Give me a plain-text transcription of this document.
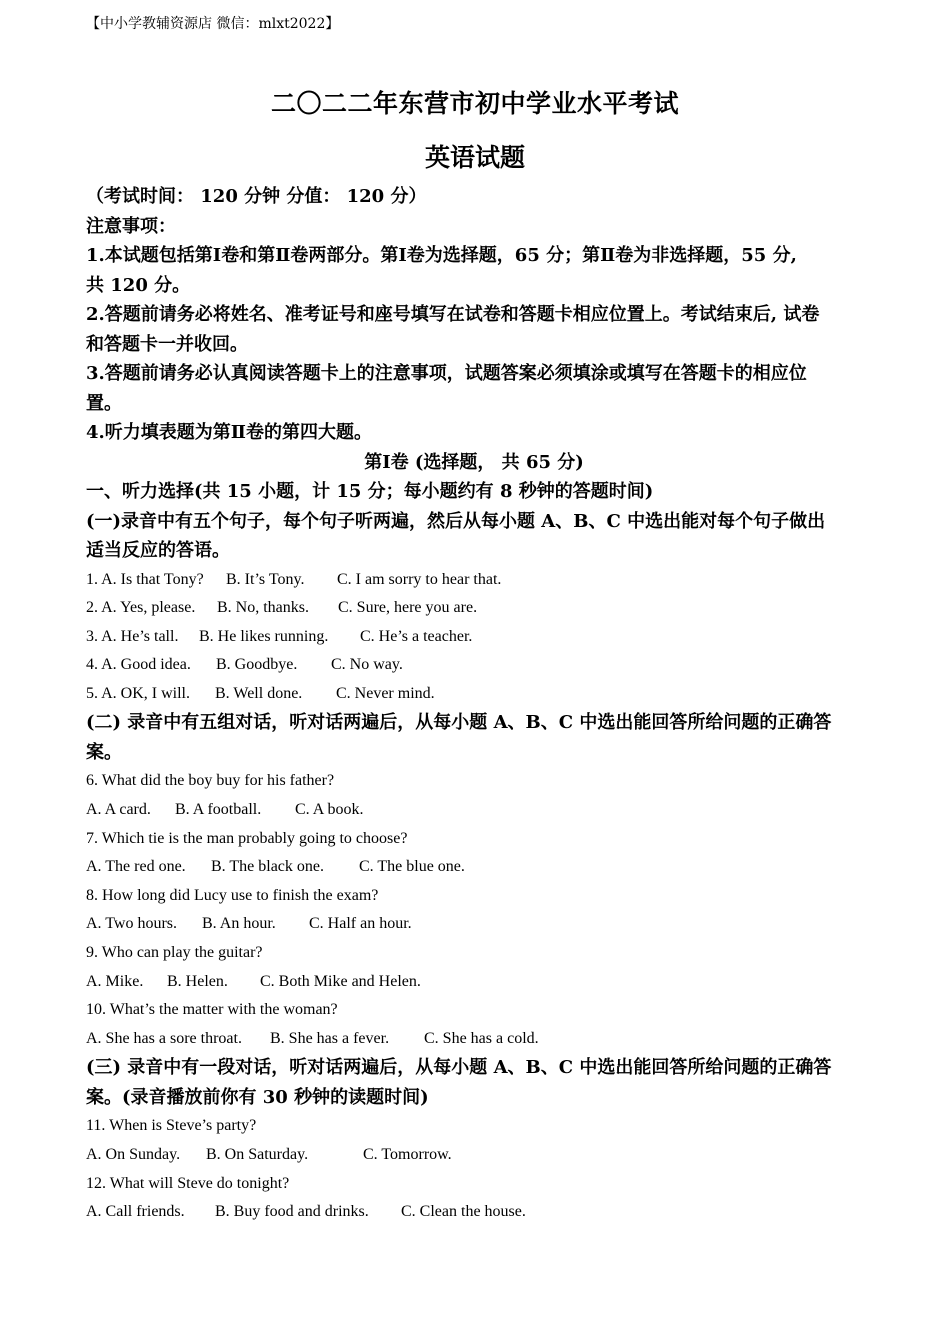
【中小学教辅资源店 微信：mlxt2022】
二〇二二年东营市初中学业水平考试
英语试题
（考试时间： 120 分钟 分值： 120 分）
注意事项：
1.本试题包括第Ⅰ卷和第Ⅱ卷两部分。第Ⅰ卷为选择题，65 分；第Ⅱ卷为非选择题，55 分,
共 120 分。
2.答题前请务必将姓名、准考证号和座号填写在试卷和答题卡相应位置上。考试结束后, 试卷
和答题卡一并收回。
3.答题前请务必认真阅读答题卡上的注意事项，试题答案必须填涂或填写在答题卡的相应位
置。
4.听力填表题为第Ⅱ卷的第四大题。
第Ⅰ卷 (选择题， 共 65 分)
一、听力选择(共 15 小题，计 15 分；每小题约有 8 秒钟的答题时间)
(一)录音中有五个句子，每个句子听两遍，然后从每小题 A、B、C 中选出能对每个句子做出
适当反应的答语。
1. A. Is that Tony? B. It’s Tony. C. I am sorry to hear that.
2. A. Yes, please. B. No, thanks. C. Sure, here you are.
3. A. He’s tall. B. He likes running. C. He’s a teacher.
4. A. Good idea. B. Goodbye. C. No way.
5. A. OK, I will. B. Well done. C. Never mind.
(二) 录音中有五组对话，听对话两遍后，从每小题 A、B、C 中选出能回答所给问题的正确答
案。
6. What did the boy buy for his father?
A. A card. B. A football. C. A book.
7. Which tie is the man probably going to choose?
A. The red one. B. The black one. C. The blue one.
8. How long did Lucy use to finish the exam?
A. Two hours. B. An hour. C. Half an hour.
9. Who can play the guitar?
A. Mike. B. Helen. C. Both Mike and Helen.
10. What’s the matter with the woman?
A. She has a sore throat. B. She has a fever. C. She has a cold.
(三) 录音中有一段对话，听对话两遍后，从每小题 A、B、C 中选出能回答所给问题的正确答
案。(录音播放前你有 30 秒钟的读题时间)
11. When is Steve’s party?
A. On Sunday. B. On Saturday.	C. Tomorrow.
12. What will Steve do tonight?
A. Call friends. B. Buy food and drinks. C. Clean the house.
